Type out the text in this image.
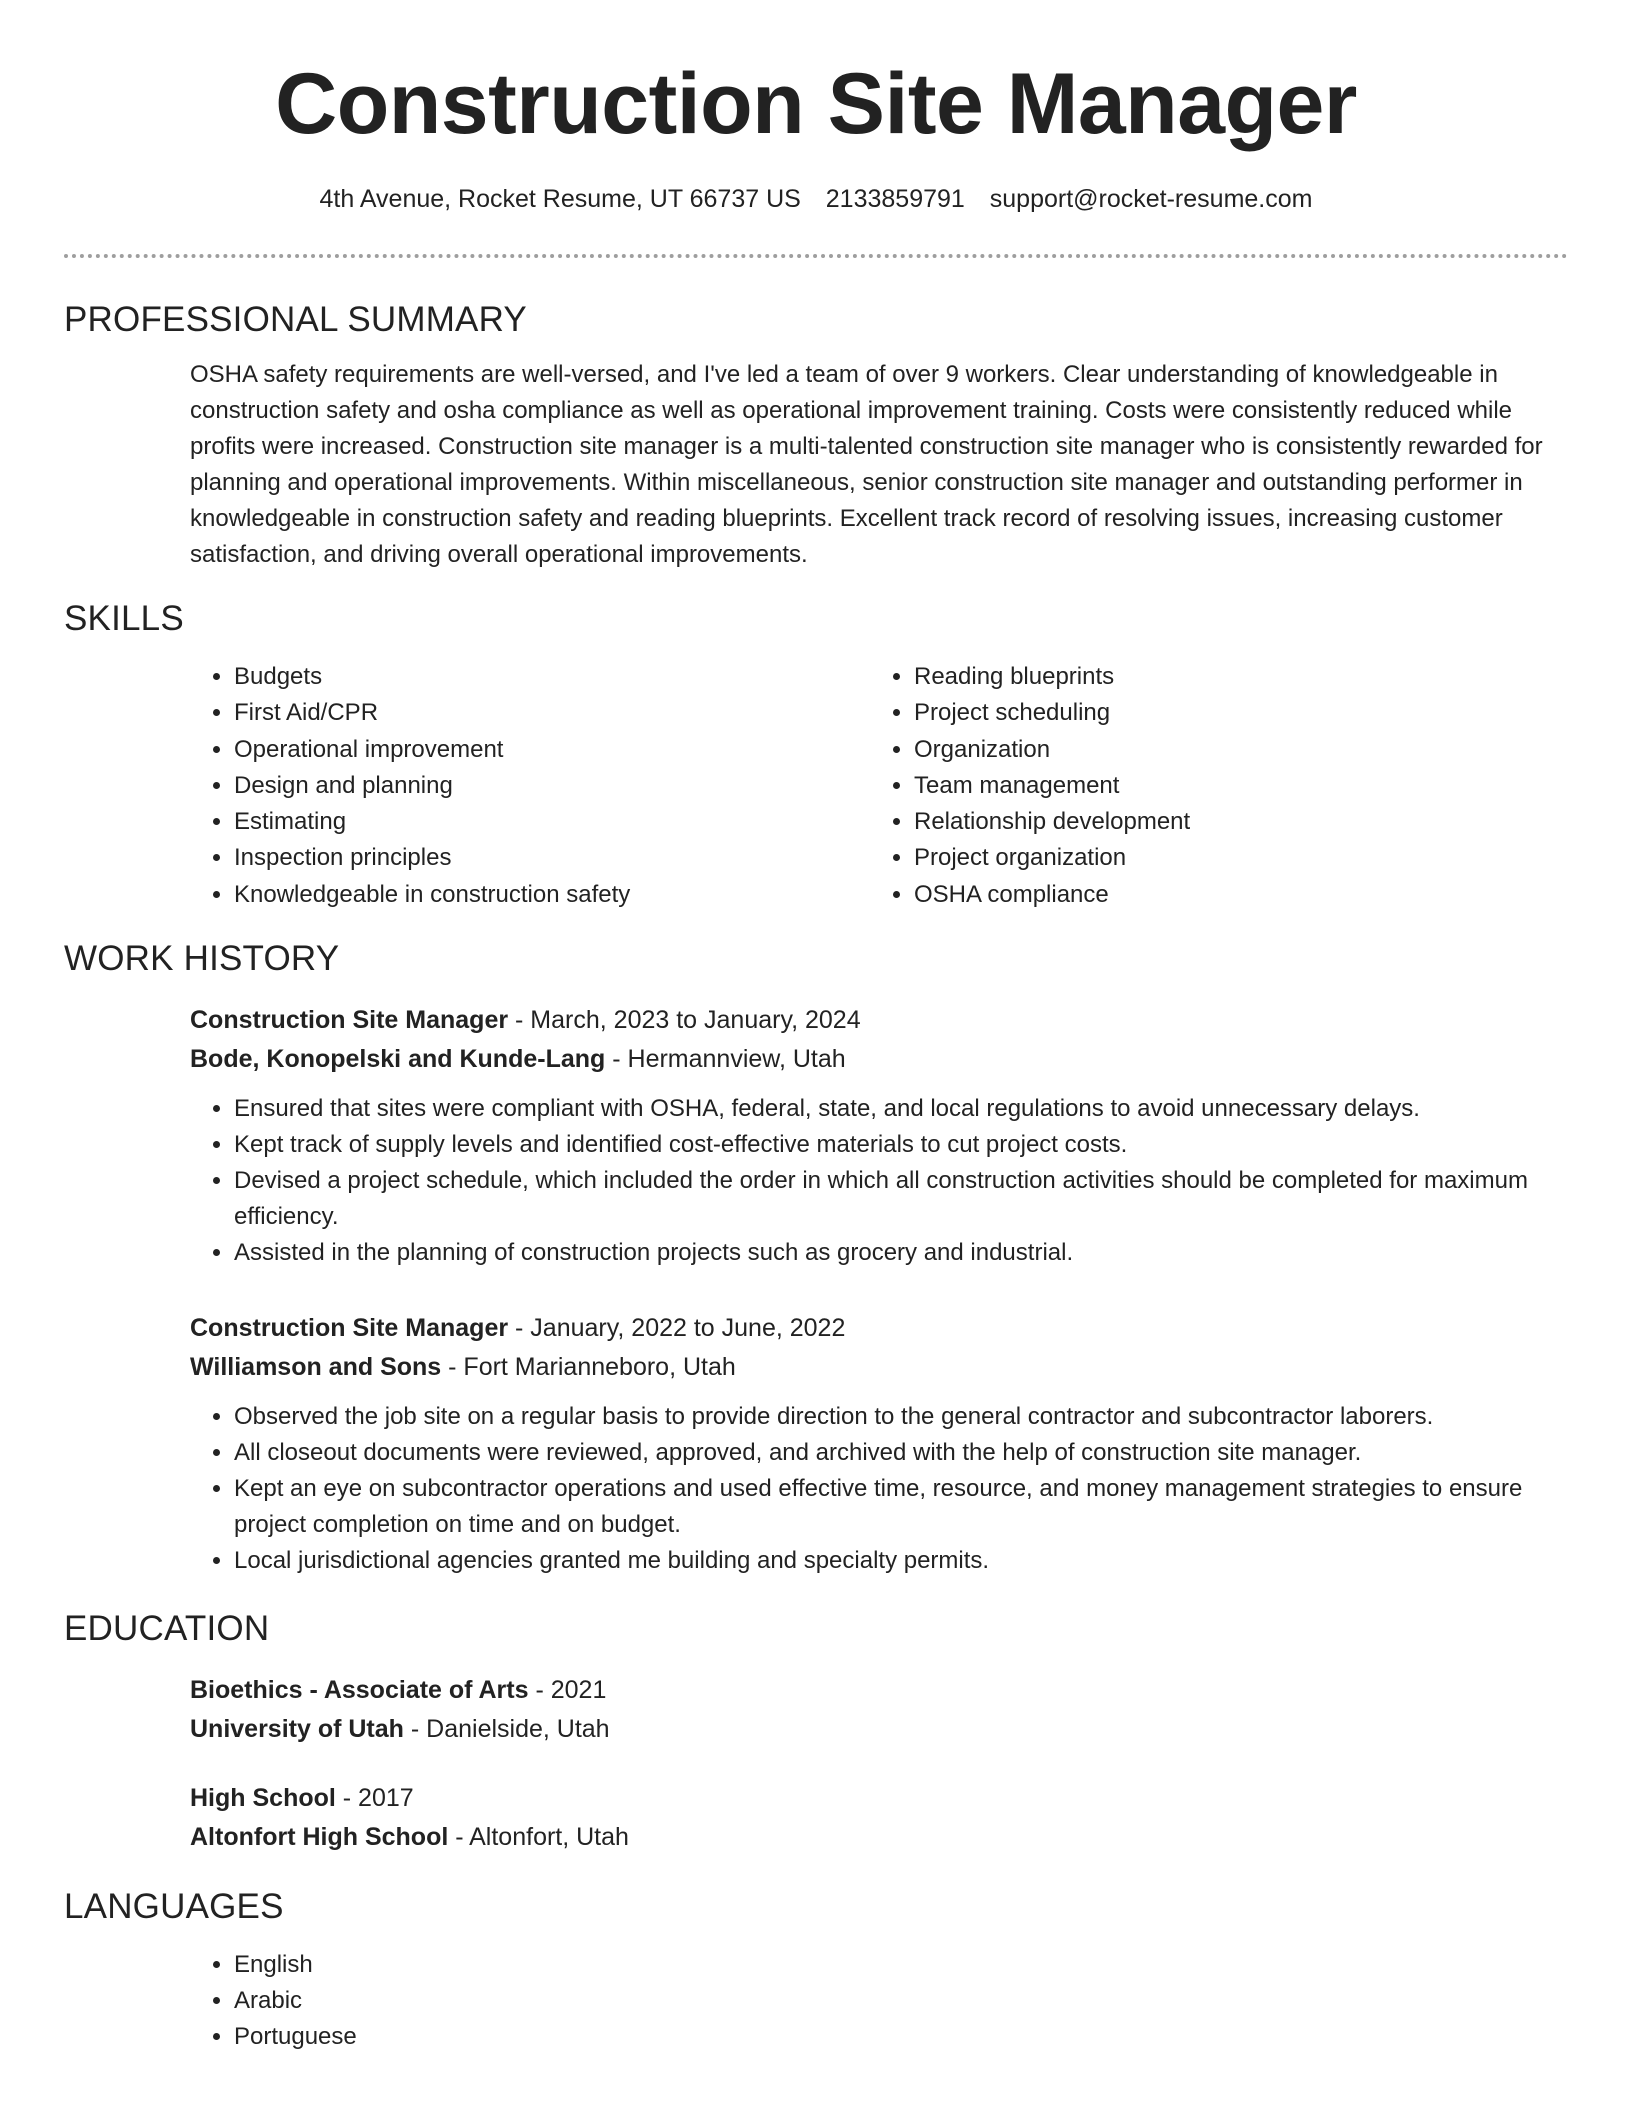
Construction Site Manager
4th Avenue, Rocket Resume, UT 66737 US 2133859791 support@rocket-resume.com
PROFESSIONAL SUMMARY
OSHA safety requirements are well-versed, and I've led a team of over 9 workers. Clear understanding of knowledgeable in construction safety and osha compliance as well as operational improvement training. Costs were consistently reduced while profits were increased. Construction site manager is a multi-talented construction site manager who is consistently rewarded for planning and operational improvements. Within miscellaneous, senior construction site manager and outstanding performer in knowledgeable in construction safety and reading blueprints. Excellent track record of resolving issues, increasing customer satisfaction, and driving overall operational improvements.
SKILLS
• Budgets
• First Aid/CPR
• Operational improvement
• Design and planning
• Estimating
• Inspection principles
• Knowledgeable in construction safety
• Reading blueprints
• Project scheduling
• Organization
• Team management
• Relationship development
• Project organization
• OSHA compliance
WORK HISTORY
Construction Site Manager - March, 2023 to January, 2024
Bode, Konopelski and Kunde-Lang - Hermannview, Utah
• Ensured that sites were compliant with OSHA, federal, state, and local regulations to avoid unnecessary delays.
• Kept track of supply levels and identified cost-effective materials to cut project costs.
• Devised a project schedule, which included the order in which all construction activities should be completed for maximum efficiency.
• Assisted in the planning of construction projects such as grocery and industrial.
Construction Site Manager - January, 2022 to June, 2022
Williamson and Sons - Fort Marianneboro, Utah
• Observed the job site on a regular basis to provide direction to the general contractor and subcontractor laborers.
• All closeout documents were reviewed, approved, and archived with the help of construction site manager.
• Kept an eye on subcontractor operations and used effective time, resource, and money management strategies to ensure project completion on time and on budget.
• Local jurisdictional agencies granted me building and specialty permits.
EDUCATION
Bioethics - Associate of Arts - 2021
University of Utah - Danielside, Utah
High School - 2017
Altonfort High School - Altonfort, Utah
LANGUAGES
• English
• Arabic
• Portuguese
